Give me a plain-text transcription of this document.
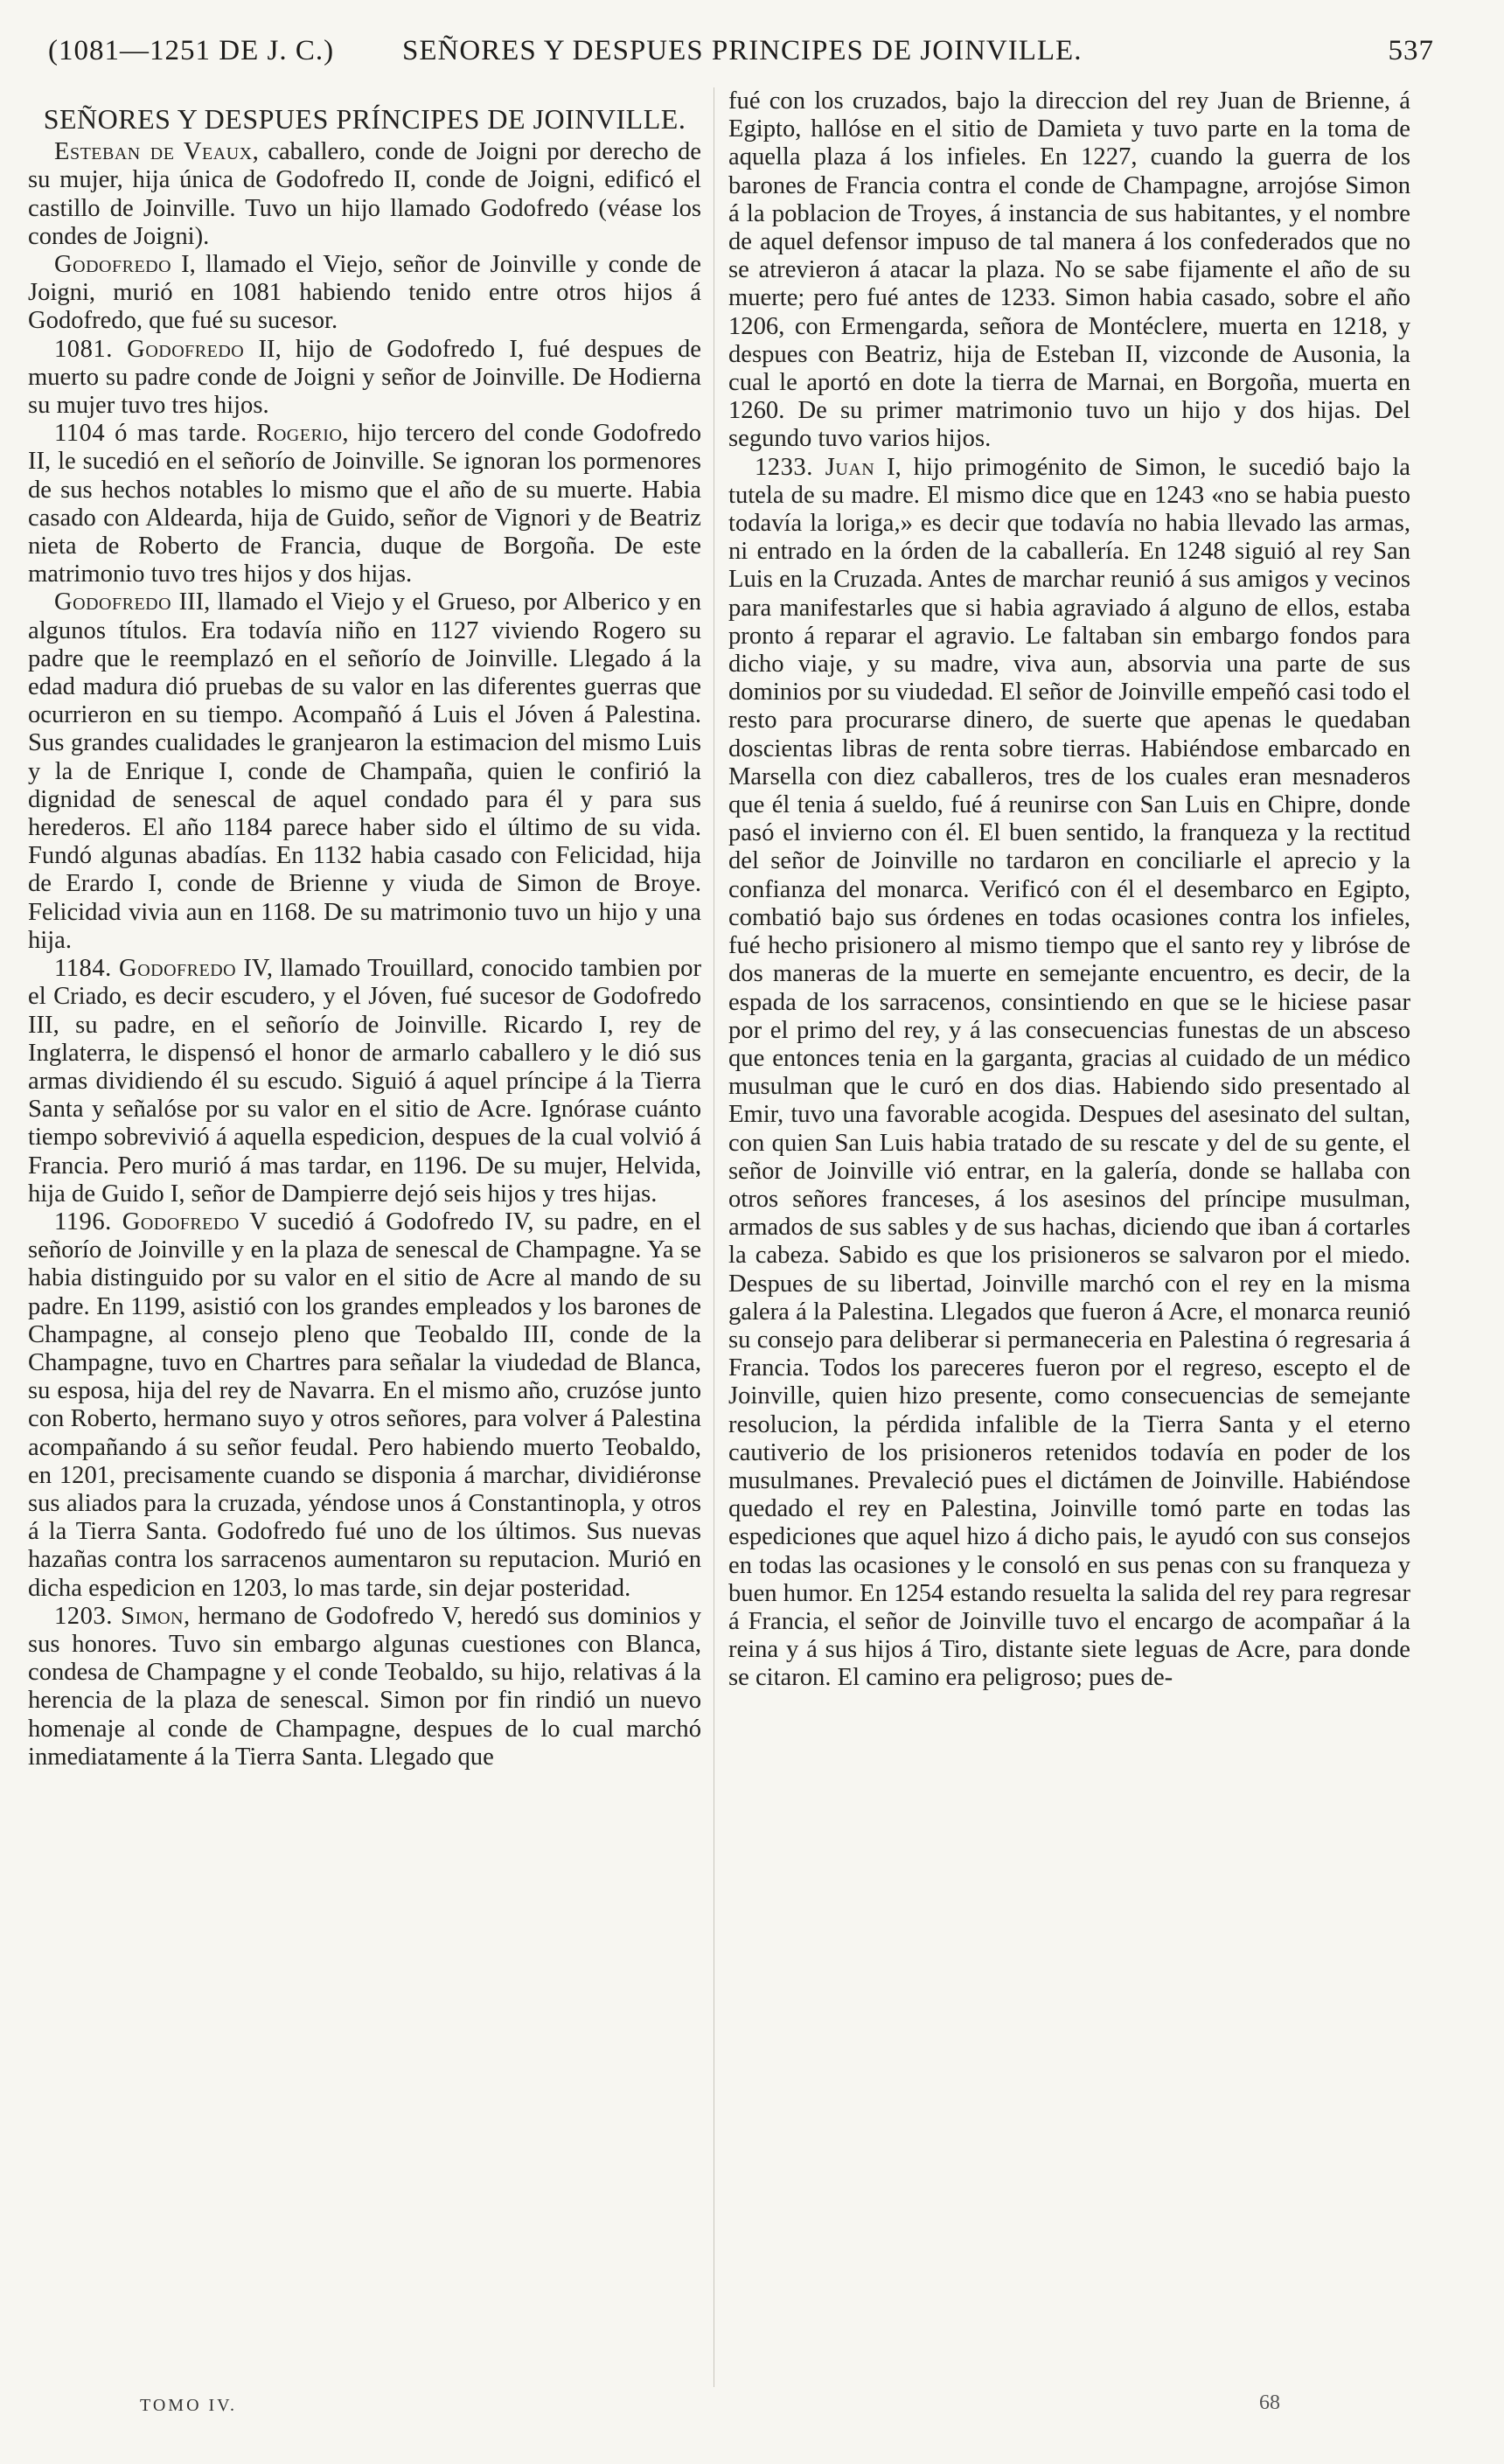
(1081—1251 DE J. C.) SEÑORES Y DESPUES PRINCIPES DE JOINVILLE.	537
SEÑORES Y DESPUES PRÍNCIPES DE JOINVILLE.

Esteban de Veaux, caballero, conde de Joigni por derecho de su mujer, hija única de Godofredo II, conde de Joigni, edificó el castillo de Joinville. Tuvo un hijo llamado Godofredo (véase los condes de Joigni).

Godofredo I, llamado el Viejo, señor de Joinville y conde de Joigni, murió en 1081 habiendo tenido entre otros hijos á Godofredo, que fué su sucesor.

1081. Godofredo II, hijo de Godofredo I, fué despues de muerto su padre conde de Joigni y señor de Joinville. De Hodierna su mujer tuvo tres hijos.

1104 ó mas tarde. Rogerio, hijo tercero del conde Godofredo II, le sucedió en el señorío de Joinville. Se ignoran los pormenores de sus hechos notables lo mismo que el año de su muerte. Habia casado con Aldearda, hija de Guido, señor de Vignori y de Beatriz nieta de Roberto de Francia, duque de Borgoña. De este matrimonio tuvo tres hijos y dos hijas.

Godofredo III, llamado el Viejo y el Grueso, por Alberico y en algunos títulos. Era todavía niño en 1127 viviendo Rogero su padre que le reemplazó en el señorío de Joinville. Llegado á la edad madura dió pruebas de su valor en las diferentes guerras que ocurrieron en su tiempo. Acompañó á Luis el Jóven á Palestina. Sus grandes cualidades le granjearon la estimacion del mismo Luis y la de Enrique I, conde de Champaña, quien le confirió la dignidad de senescal de aquel condado para él y para sus herederos. El año 1184 parece haber sido el último de su vida. Fundó algunas abadías. En 1132 habia casado con Felicidad, hija de Erardo I, conde de Brienne y viuda de Simon de Broye. Felicidad vivia aun en 1168. De su matrimonio tuvo un hijo y una hija.

1184. Godofredo IV, llamado Trouillard, conocido tambien por el Criado, es decir escudero, y el Jóven, fué sucesor de Godofredo III, su padre, en el señorío de Joinville. Ricardo I, rey de Inglaterra, le dispensó el honor de armarlo caballero y le dió sus armas dividiendo él su escudo. Siguió á aquel príncipe á la Tierra Santa y señalóse por su valor en el sitio de Acre. Ignórase cuánto tiempo sobrevivió á aquella espedicion, despues de la cual volvió á Francia. Pero murió á mas tardar, en 1196. De su mujer, Helvida, hija de Guido I, señor de Dampierre dejó seis hijos y tres hijas.

1196. Godofredo V sucedió á Godofredo IV, su padre, en el señorío de Joinville y en la plaza de senescal de Champagne. Ya se habia distinguido por su valor en el sitio de Acre al mando de su padre. En 1199, asistió con los grandes empleados y los barones de Champagne, al consejo pleno que Teobaldo III, conde de la Champagne, tuvo en Chartres para señalar la viudedad de Blanca, su esposa, hija del rey de Navarra. En el mismo año, cruzóse junto con Roberto, hermano suyo y otros señores, para volver á Palestina acompañando á su señor feudal. Pero habiendo muerto Teobaldo, en 1201, precisamente cuando se disponia á marchar, dividiéronse sus aliados para la cruzada, yéndose unos á Constantinopla, y otros á la Tierra Santa. Godofredo fué uno de los últimos. Sus nuevas hazañas contra los sarracenos aumentaron su reputacion. Murió en dicha espedicion en 1203, lo mas tarde, sin dejar posteridad.

1203. Simon, hermano de Godofredo V, heredó sus dominios y sus honores. Tuvo sin embargo algunas cuestiones con Blanca, condesa de Champagne y el conde Teobaldo, su hijo, relativas á la herencia de la plaza de senescal. Simon por fin rindió un nuevo homenaje al conde de Champagne, despues de lo cual marchó inmediatamente á la Tierra Santa. Llegado que

fué con los cruzados, bajo la direccion del rey Juan de Brienne, á Egipto, hallóse en el sitio de Damieta y tuvo parte en la toma de aquella plaza á los infieles. En 1227, cuando la guerra de los barones de Francia contra el conde de Champagne, arrojóse Simon á la poblacion de Troyes, á instancia de sus habitantes, y el nombre de aquel defensor impuso de tal manera á los confederados que no se atrevieron á atacar la plaza. No se sabe fijamente el año de su muerte; pero fué antes de 1233. Simon habia casado, sobre el año 1206, con Ermengarda, señora de Montéclere, muerta en 1218, y despues con Beatriz, hija de Esteban II, vizconde de Ausonia, la cual le aportó en dote la tierra de Marnai, en Borgoña, muerta en 1260. De su primer matrimonio tuvo un hijo y dos hijas. Del segundo tuvo varios hijos.

1233. Juan I, hijo primogénito de Simon, le sucedió bajo la tutela de su madre. El mismo dice que en 1243 «no se habia puesto todavía la loriga,» es decir que todavía no habia llevado las armas, ni entrado en la órden de la caballería. En 1248 siguió al rey San Luis en la Cruzada. Antes de marchar reunió á sus amigos y vecinos para manifestarles que si habia agraviado á alguno de ellos, estaba pronto á reparar el agravio. Le faltaban sin embargo fondos para dicho viaje, y su madre, viva aun, absorvia una parte de sus dominios por su viudedad. El señor de Joinville empeñó casi todo el resto para procurarse dinero, de suerte que apenas le quedaban doscientas libras de renta sobre tierras. Habiéndose embarcado en Marsella con diez caballeros, tres de los cuales eran mesnaderos que él tenia á sueldo, fué á reunirse con San Luis en Chipre, donde pasó el invierno con él. El buen sentido, la franqueza y la rectitud del señor de Joinville no tardaron en conciliarle el aprecio y la confianza del monarca. Verificó con él el desembarco en Egipto, combatió bajo sus órdenes en todas ocasiones contra los infieles, fué hecho prisionero al mismo tiempo que el santo rey y libróse de dos maneras de la muerte en semejante encuentro, es decir, de la espada de los sarracenos, consintiendo en que se le hiciese pasar por el primo del rey, y á las consecuencias funestas de un absceso que entonces tenia en la garganta, gracias al cuidado de un médico musulman que le curó en dos dias. Habiendo sido presentado al Emir, tuvo una favorable acogida. Despues del asesinato del sultan, con quien San Luis habia tratado de su rescate y del de su gente, el señor de Joinville vió entrar, en la galería, donde se hallaba con otros señores franceses, á los asesinos del príncipe musulman, armados de sus sables y de sus hachas, diciendo que iban á cortarles la cabeza. Sabido es que los prisioneros se salvaron por el miedo. Despues de su libertad, Joinville marchó con el rey en la misma galera á la Palestina. Llegados que fueron á Acre, el monarca reunió su consejo para deliberar si permaneceria en Palestina ó regresaria á Francia. Todos los pareceres fueron por el regreso, escepto el de Joinville, quien hizo presente, como consecuencias de semejante resolucion, la pérdida infalible de la Tierra Santa y el eterno cautiverio de los prisioneros retenidos todavía en poder de los musulmanes. Prevaleció pues el dictámen de Joinville. Habiéndose quedado el rey en Palestina, Joinville tomó parte en todas las espediciones que aquel hizo á dicho pais, le ayudó con sus consejos en todas las ocasiones y le consoló en sus penas con su franqueza y buen humor. En 1254 estando resuelta la salida del rey para regresar á Francia, el señor de Joinville tuvo el encargo de acompañar á la reina y á sus hijos á Tiro, distante siete leguas de Acre, para donde se citaron. El camino era peligroso; pues de-

TOMO IV.	68
